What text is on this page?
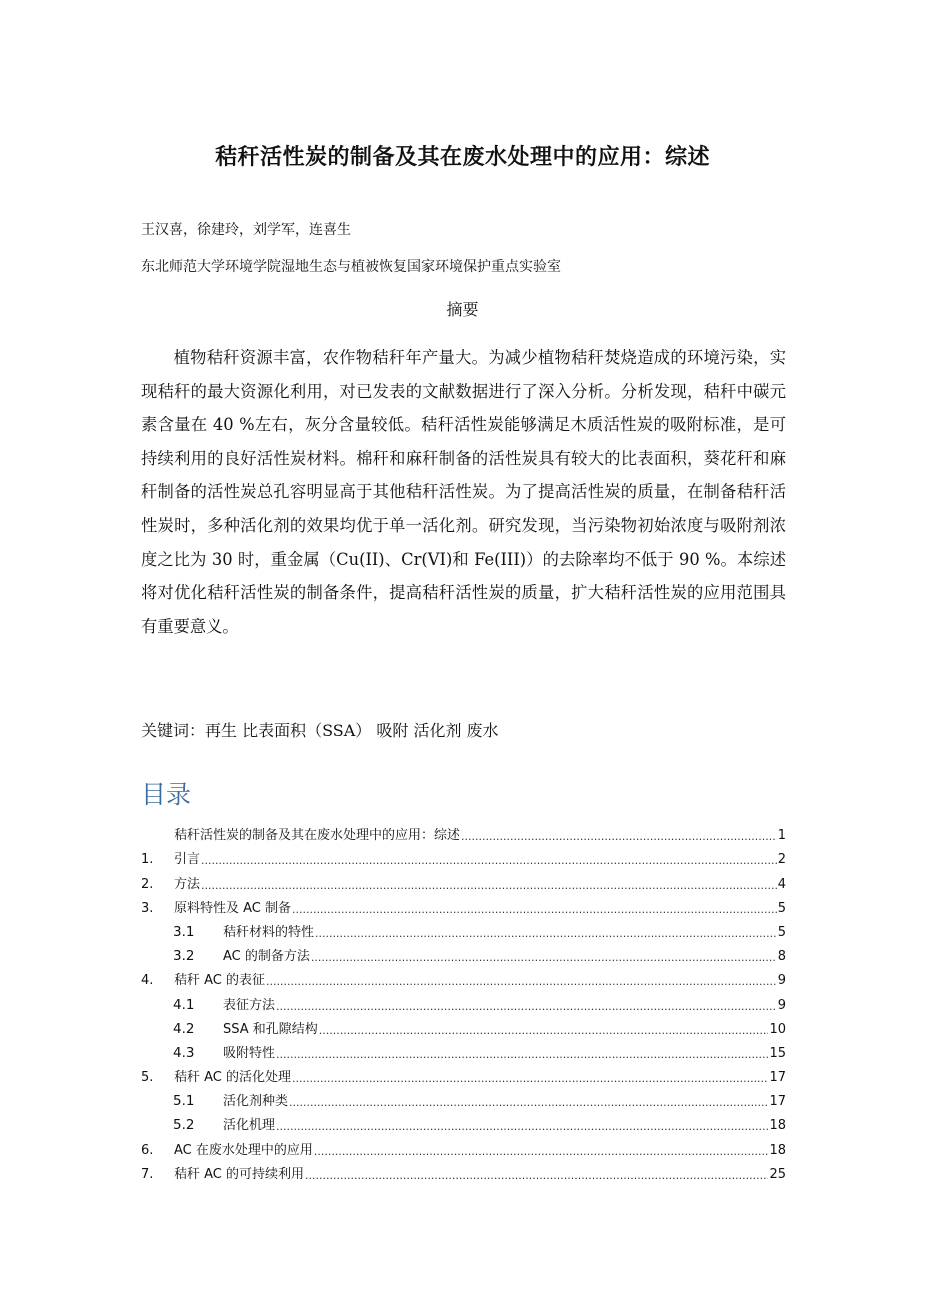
秸秆活性炭的制备及其在废水处理中的应用：综述
王汉喜，徐建玲，刘学军，连喜生
东北师范大学环境学院湿地生态与植被恢复国家环境保护重点实验室
摘要

植物秸秆资源丰富，农作物秸秆年产量大。为减少植物秸秆焚烧造成的环境污染，实现秸秆的最大资源化利用，对已发表的文献数据进行了深入分析。分析发现，秸秆中碳元素含量在 40 %左右，灰分含量较低。秸秆活性炭能够满足木质活性炭的吸附标准，是可持续利用的良好活性炭材料。棉秆和麻秆制备的活性炭具有较大的比表面积，葵花秆和麻秆制备的活性炭总孔容明显高于其他秸秆活性炭。为了提高活性炭的质量，在制备秸秆活性炭时，多种活化剂的效果均优于单一活化剂。研究发现，当污染物初始浓度与吸附剂浓度之比为 30 时，重金属（Cu(II)、Cr(VI)和 Fe(III)）的去除率均不低于 90 %。本综述将对优化秸秆活性炭的制备条件，提高秸秆活性炭的质量，扩大秸秆活性炭的应用范围具有重要意义。

关键词：再生 比表面积（SSA） 吸附 活化剂 废水
目录
秸秆活性炭的制备及其在废水处理中的应用：综述 .....	1
1.	引言 .....	2
2.	方法 .....	4
3.	原料特性及 AC 制备 .....	5
3.1	秸秆材料的特性 .....	5
3.2	AC 的制备方法 .....	8
4.	秸秆 AC 的表征 .....	9
4.1	表征方法 .....	9
4.2	SSA 和孔隙结构 .....	10
4.3	吸附特性 .....	15
5.	秸秆 AC 的活化处理 .....	17
5.1	活化剂种类 .....	17
5.2	活化机理 .....	18
6.	AC 在废水处理中的应用 .....	18
7.	秸秆 AC 的可持续利用 .....	25
